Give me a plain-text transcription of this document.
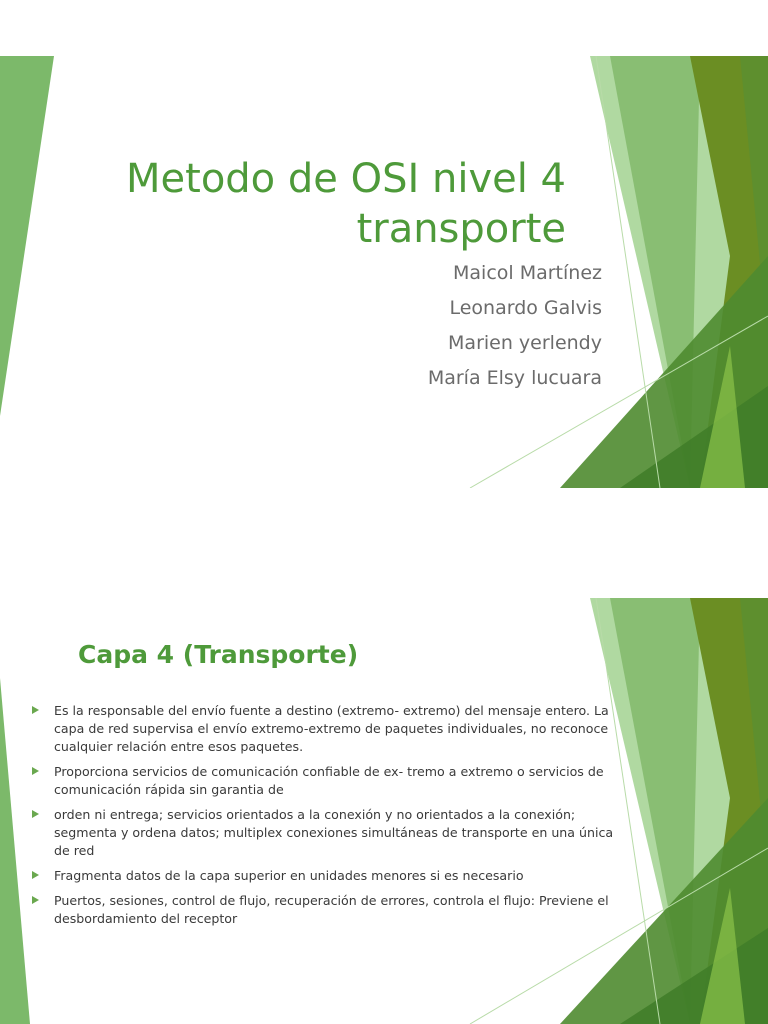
Metodo de OSI nivel 4 transporte
Maicol Martínez
Leonardo Galvis
Marien yerlendy
María Elsy lucuara
Capa 4 (Transporte)
Es la responsable del envío fuente a destino (extremo- extremo) del mensaje entero. La capa de red supervisa el envío extremo-extremo de paquetes individuales, no reconoce cualquier relación entre esos paquetes.
Proporciona servicios de comunicación confiable de ex- tremo a extremo o servicios de comunicación rápida sin garantia de
orden ni entrega; servicios orientados a la conexión y no orientados a la conexión; segmenta y ordena datos; multiplex conexiones simultáneas de transporte en una única de red
Fragmenta datos de la capa superior en unidades menores si es necesario
Puertos, sesiones, control de flujo, recuperación de errores, controla el flujo: Previene el desbordamiento del receptor
